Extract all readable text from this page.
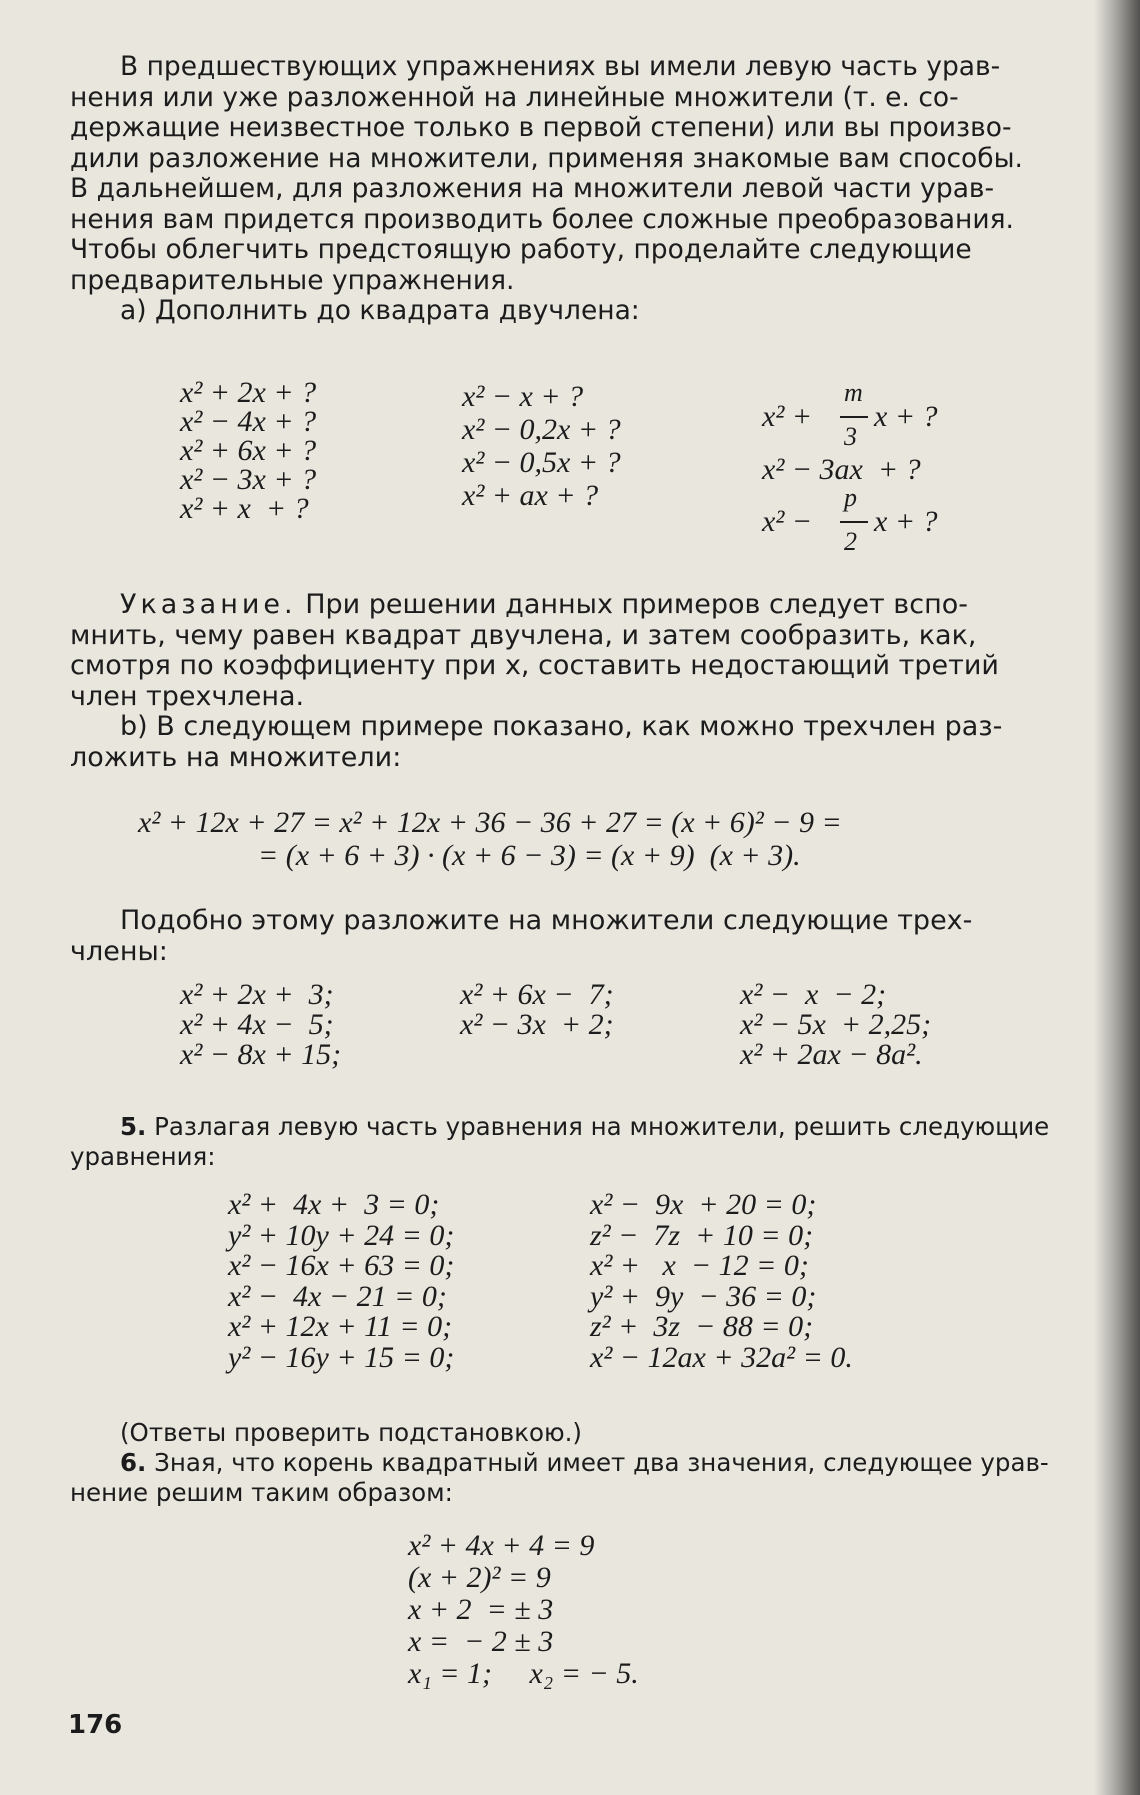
В предшествующих упражнениях вы имели левую часть урав-
нения или уже разложенной на линейные множители (т. е. со-
держащие неизвестное только в первой степени) или вы произво-
дили разложение на множители, применяя знакомые вам способы.
В дальнейшем, для разложения на множители левой части урав-
нения вам придется производить более сложные преобразования.
Чтобы облегчить предстоящую работу, проделайте следующие
предварительные упражнения.
а) Дополнить до квадрата двучлена:
x² + 2x + ?
x² − 4x + ?
x² + 6x + ?
x² − 3x + ?
x² + x  + ?
x² − x + ?
x² − 0,2x + ?
x² − 0,5x + ?
x² + ax + ?
x² +
m
3
x + ?
x² − 3ax  + ?
x² −
p
2
x + ?
Указание. При решении данных примеров следует вспо-
мнить, чему равен квадрат двучлена, и затем сообразить, как,
смотря по коэффициенту при x, составить недостающий третий
член трехчлена.
b) В следующем примере показано, как можно трехчлен раз-
ложить на множители:
x² + 12x + 27 = x² + 12x + 36 − 36 + 27 = (x + 6)² − 9 =
= (x + 6 + 3) · (x + 6 − 3) = (x + 9)  (x + 3).
Подобно этому разложите на множители следующие трех-
члены:
x² + 2x +  3;
x² + 4x −  5;
x² − 8x + 15;
x² + 6x −  7;
x² − 3x  + 2;
x² −  x  − 2;
x² − 5x  + 2,25;
x² + 2ax − 8a².
5. Разлагая левую часть уравнения на множители, решить следующие
уравнения:
x² +  4x +  3 = 0;
y² + 10y + 24 = 0;
x² − 16x + 63 = 0;
x² −  4x − 21 = 0;
x² + 12x + 11 = 0;
y² − 16y + 15 = 0;
x² −  9x  + 20 = 0;
z² −  7z  + 10 = 0;
x² +   x  − 12 = 0;
y² +  9y  − 36 = 0;
z² +  3z  − 88 = 0;
x² − 12ax + 32a² = 0.
(Ответы проверить подстановкою.)
6. Зная, что корень квадратный имеет два значения, следующее урав-
нение решим таким образом:
x² + 4x + 4 = 9
(x + 2)² = 9
x + 2  = ± 3
x =  − 2 ± 3
x₁ = 1;     x₂ = − 5.
176
